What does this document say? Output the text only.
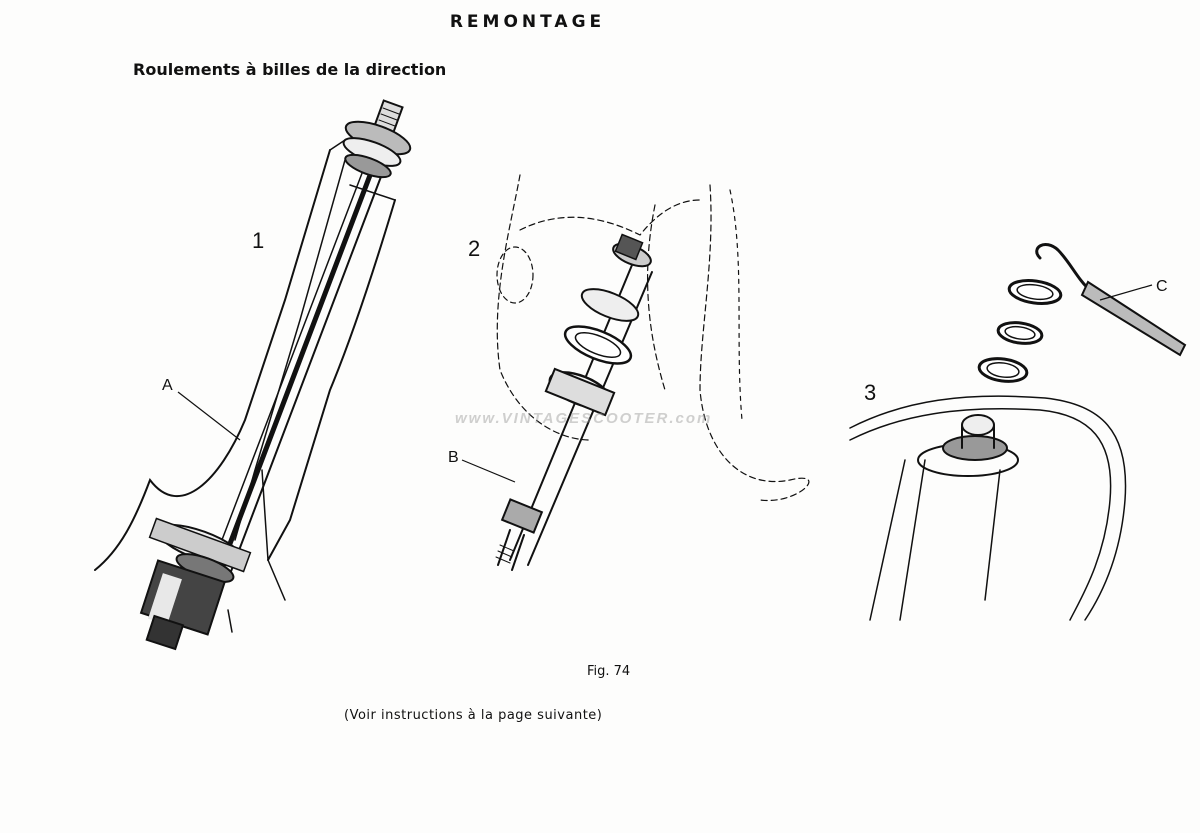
REMONTAGE
Roulements à billes de la direction
1
A
2
B
3
C

www.VINTAGESCOOTER.com

Fig. 74

(Voir instructions à la page suivante)
